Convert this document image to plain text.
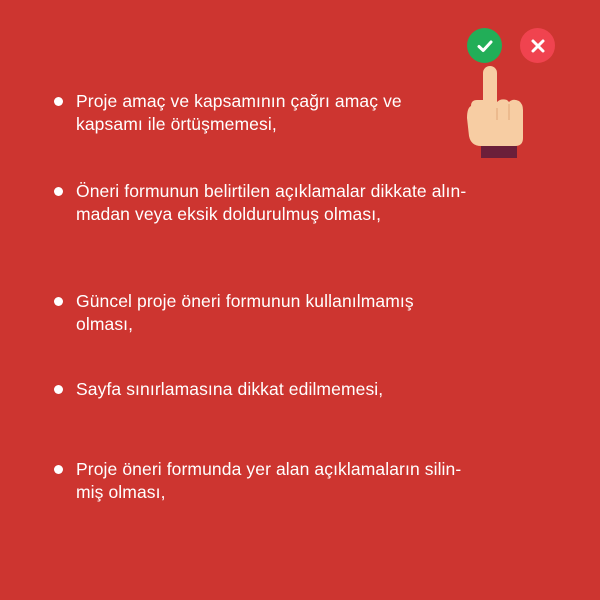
Proje amaç ve kapsamının çağrı amaç ve
kapsamı ile örtüşmemesi,
Öneri formunun belirtilen açıklamalar dikkate alın-
madan veya eksik doldurulmuş olması,
Güncel proje öneri formunun kullanılmamış
olması,
Sayfa sınırlamasına dikkat edilmemesi,
Proje öneri formunda yer alan açıklamaların silin-
miş olması,
